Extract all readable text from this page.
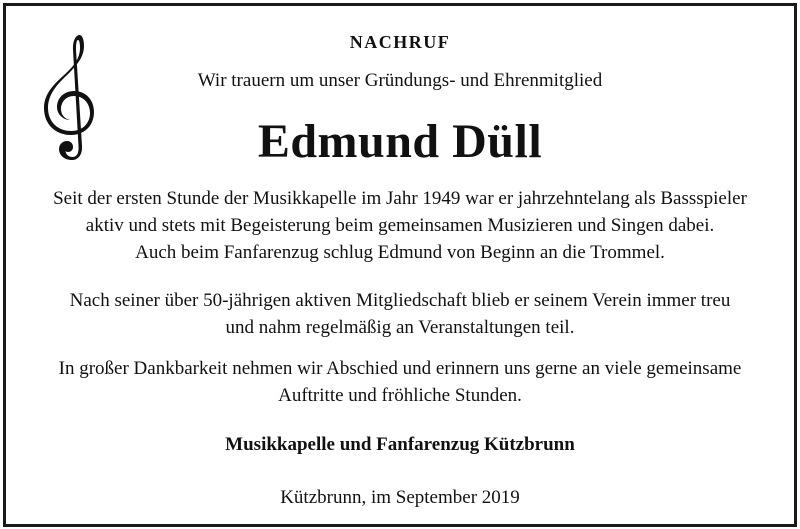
NACHRUF
Wir trauern um unser Gründungs- und Ehrenmitglied
Edmund Düll
Seit der ersten Stunde der Musikkapelle im Jahr 1949 war er jahrzehntelang als Bassspieler
aktiv und stets mit Begeisterung beim gemeinsamen Musizieren und Singen dabei.
Auch beim Fanfarenzug schlug Edmund von Beginn an die Trommel.
Nach seiner über 50-jährigen aktiven Mitgliedschaft blieb er seinem Verein immer treu
und nahm regelmäßig an Veranstaltungen teil.
In großer Dankbarkeit nehmen wir Abschied und erinnern uns gerne an viele gemeinsame
Auftritte und fröhliche Stunden.
Musikkapelle und Fanfarenzug Kützbrunn
Kützbrunn, im September 2019
